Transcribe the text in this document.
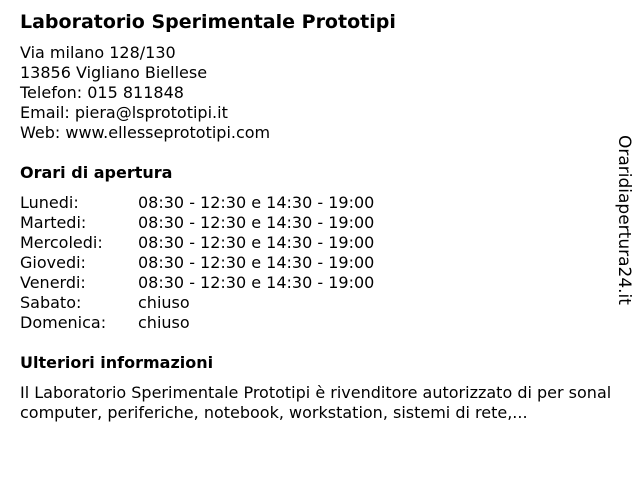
Laboratorio Sperimentale Prototipi
Via milano 128/130
13856 Vigliano Biellese
Telefon: 015 811848
Email: piera@lsprototipi.it
Web: www.ellesseprototipi.com
Orari di apertura
Lunedi:	08:30 - 12:30 e 14:30 - 19:00
Martedi:	08:30 - 12:30 e 14:30 - 19:00
Mercoledi:	08:30 - 12:30 e 14:30 - 19:00
Giovedi:	08:30 - 12:30 e 14:30 - 19:00
Venerdi:	08:30 - 12:30 e 14:30 - 19:00
Sabato:	chiuso
Domenica:	chiuso
Ulteriori informazioni
Il Laboratorio Sperimentale Prototipi è rivenditore autorizzato di per sonal computer, periferiche, notebook, workstation, sistemi di rete,...
Oraridiapertura24.it
